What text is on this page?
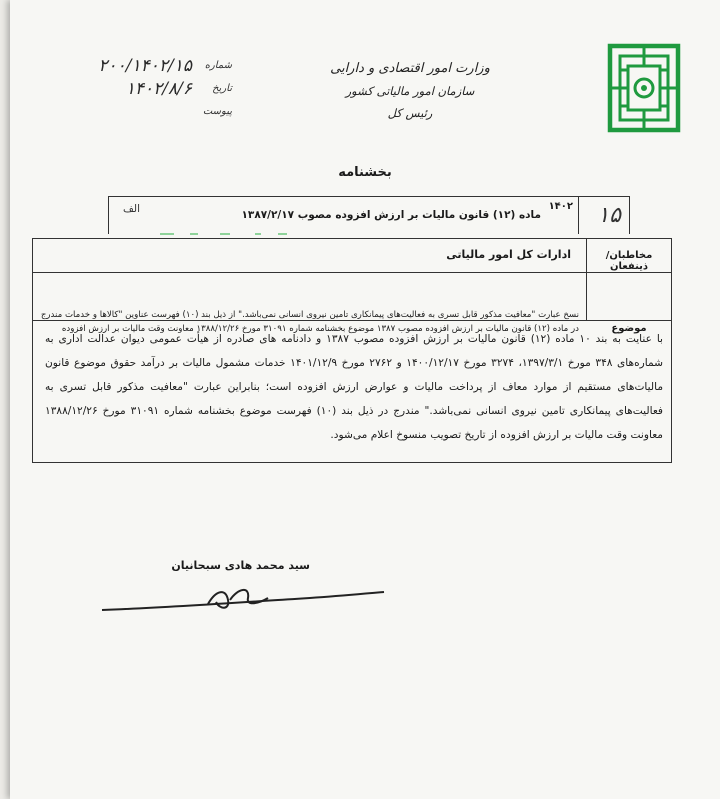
وزارت امور اقتصادی و دارایی
سازمان امور مالیاتی کشور
رئیس کل
شماره
۲۰۰/۱۴۰۲/۱۵
تاریخ
۱۴۰۲/۸/۶
پیوست
بخشنامه
۱۵
۱۴۰۲
ماده (۱۲) قانون مالیات بر ارزش افزوده مصوب ۱۳۸۷/۲/۱۷
الف
مخاطبان/ ذینفعان
ادارات کل امور مالیاتی
موضوع
نسخ عبارت "معافیت مذکور قابل تسری به فعالیت‌های پیمانکاری تامین نیروی انسانی نمی‌باشد." از ذیل بند (۱۰) فهرست عناوین "کالاها و خدمات مندرج در ماده (۱۲) قانون مالیات بر ارزش افزوده مصوب ۱۳۸۷ موضوع بخشنامه شماره ۳۱۰۹۱ مورخ ۱۳۸۸/۱۲/۲۶ معاونت وقت مالیات بر ارزش افزوده
با عنایت به بند ۱۰ ماده (۱۲) قانون مالیات بر ارزش افزوده مصوب ۱۳۸۷ و دادنامه های صادره از هیأت عمومی دیوان عدالت اداری به شماره‌های ۳۴۸ مورخ ۱۳۹۷/۳/۱، ۳۲۷۴ مورخ ۱۴۰۰/۱۲/۱۷ و ۲۷۶۲ مورخ ۱۴۰۱/۱۲/۹ خدمات مشمول مالیات بر درآمد حقوق موضوع قانون مالیات‌های مستقیم از موارد معاف از پرداخت مالیات و عوارض ارزش افزوده است؛ بنابراین عبارت "معافیت مذکور قابل تسری به فعالیت‌های پیمانکاری تامین نیروی انسانی نمی‌باشد." مندرج در ذیل بند (۱۰) فهرست موضوع بخشنامه شماره ۳۱۰۹۱ مورخ ۱۳۸۸/۱۲/۲۶ معاونت وقت مالیات بر ارزش افزوده از تاریخ تصویب منسوخ اعلام می‌شود.
سید محمد هادی سبحانیان
